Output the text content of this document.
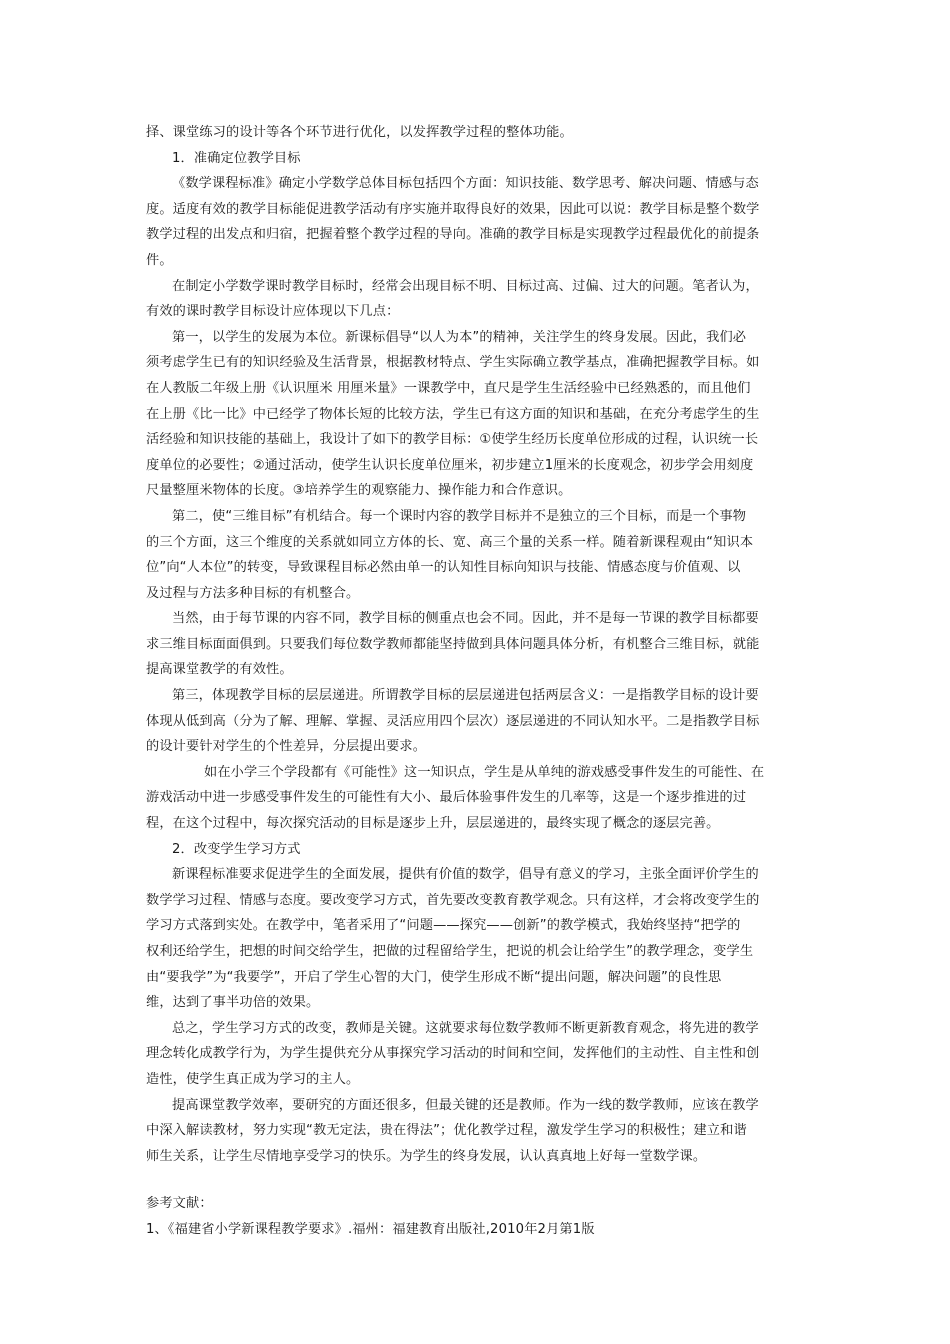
择、课堂练习的设计等各个环节进行优化，以发挥教学过程的整体功能。
1．准确定位教学目标
《数学课程标准》确定小学数学总体目标包括四个方面：知识技能、数学思考、解决问题、情感与态
度。适度有效的教学目标能促进教学活动有序实施并取得良好的效果，因此可以说：教学目标是整个数学
教学过程的出发点和归宿，把握着整个教学过程的导向。准确的教学目标是实现教学过程最优化的前提条
件。
在制定小学数学课时教学目标时，经常会出现目标不明、目标过高、过偏、过大的问题。笔者认为，
有效的课时教学目标设计应体现以下几点：
第一，以学生的发展为本位。新课标倡导“以人为本”的精神，关注学生的终身发展。因此，我们必
须考虑学生已有的知识经验及生活背景，根据教材特点、学生实际确立教学基点，准确把握教学目标。如
在人教版二年级上册《认识厘米 用厘米量》一课教学中，直尺是学生生活经验中已经熟悉的，而且他们
在上册《比一比》中已经学了物体长短的比较方法，学生已有这方面的知识和基础，在充分考虑学生的生
活经验和知识技能的基础上，我设计了如下的教学目标：①使学生经历长度单位形成的过程，认识统一长
度单位的必要性；②通过活动，使学生认识长度单位厘米，初步建立1厘米的长度观念，初步学会用刻度
尺量整厘米物体的长度。③培养学生的观察能力、操作能力和合作意识。
第二，使“三维目标”有机结合。每一个课时内容的教学目标并不是独立的三个目标，而是一个事物
的三个方面，这三个维度的关系就如同立方体的长、宽、高三个量的关系一样。随着新课程观由“知识本
位”向“人本位”的转变，导致课程目标必然由单一的认知性目标向知识与技能、情感态度与价值观、以
及过程与方法多种目标的有机整合。
当然，由于每节课的内容不同，教学目标的侧重点也会不同。因此，并不是每一节课的教学目标都要
求三维目标面面俱到。只要我们每位数学教师都能坚持做到具体问题具体分析，有机整合三维目标，就能
提高课堂教学的有效性。
第三，体现教学目标的层层递进。所谓教学目标的层层递进包括两层含义：一是指教学目标的设计要
体现从低到高（分为了解、理解、掌握、灵活应用四个层次）逐层递进的不同认知水平。二是指教学目标
的设计要针对学生的个性差异，分层提出要求。
如在小学三个学段都有《可能性》这一知识点，学生是从单纯的游戏感受事件发生的可能性、在
游戏活动中进一步感受事件发生的可能性有大小、最后体验事件发生的几率等，这是一个逐步推进的过
程，在这个过程中，每次探究活动的目标是逐步上升，层层递进的，最终实现了概念的逐层完善。
2．改变学生学习方式
新课程标准要求促进学生的全面发展，提供有价值的数学，倡导有意义的学习，主张全面评价学生的
数学学习过程、情感与态度。要改变学习方式，首先要改变教育教学观念。只有这样，才会将改变学生的
学习方式落到实处。在教学中，笔者采用了“问题——探究——创新”的教学模式，我始终坚持“把学的
权利还给学生，把想的时间交给学生，把做的过程留给学生，把说的机会让给学生”的教学理念，变学生
由“要我学”为“我要学”，开启了学生心智的大门，使学生形成不断“提出问题，解决问题”的良性思
维，达到了事半功倍的效果。
总之，学生学习方式的改变，教师是关键。这就要求每位数学教师不断更新教育观念，将先进的教学
理念转化成教学行为，为学生提供充分从事探究学习活动的时间和空间，发挥他们的主动性、自主性和创
造性，使学生真正成为学习的主人。
提高课堂教学效率，要研究的方面还很多，但最关键的还是教师。作为一线的数学教师，应该在教学
中深入解读教材，努力实现“教无定法，贵在得法”；优化教学过程，激发学生学习的积极性；建立和谐
师生关系，让学生尽情地享受学习的快乐。为学生的终身发展，认认真真地上好每一堂数学课。
参考文献：
1、《福建省小学新课程教学要求》.福州：福建教育出版社,2010年2月第1版
